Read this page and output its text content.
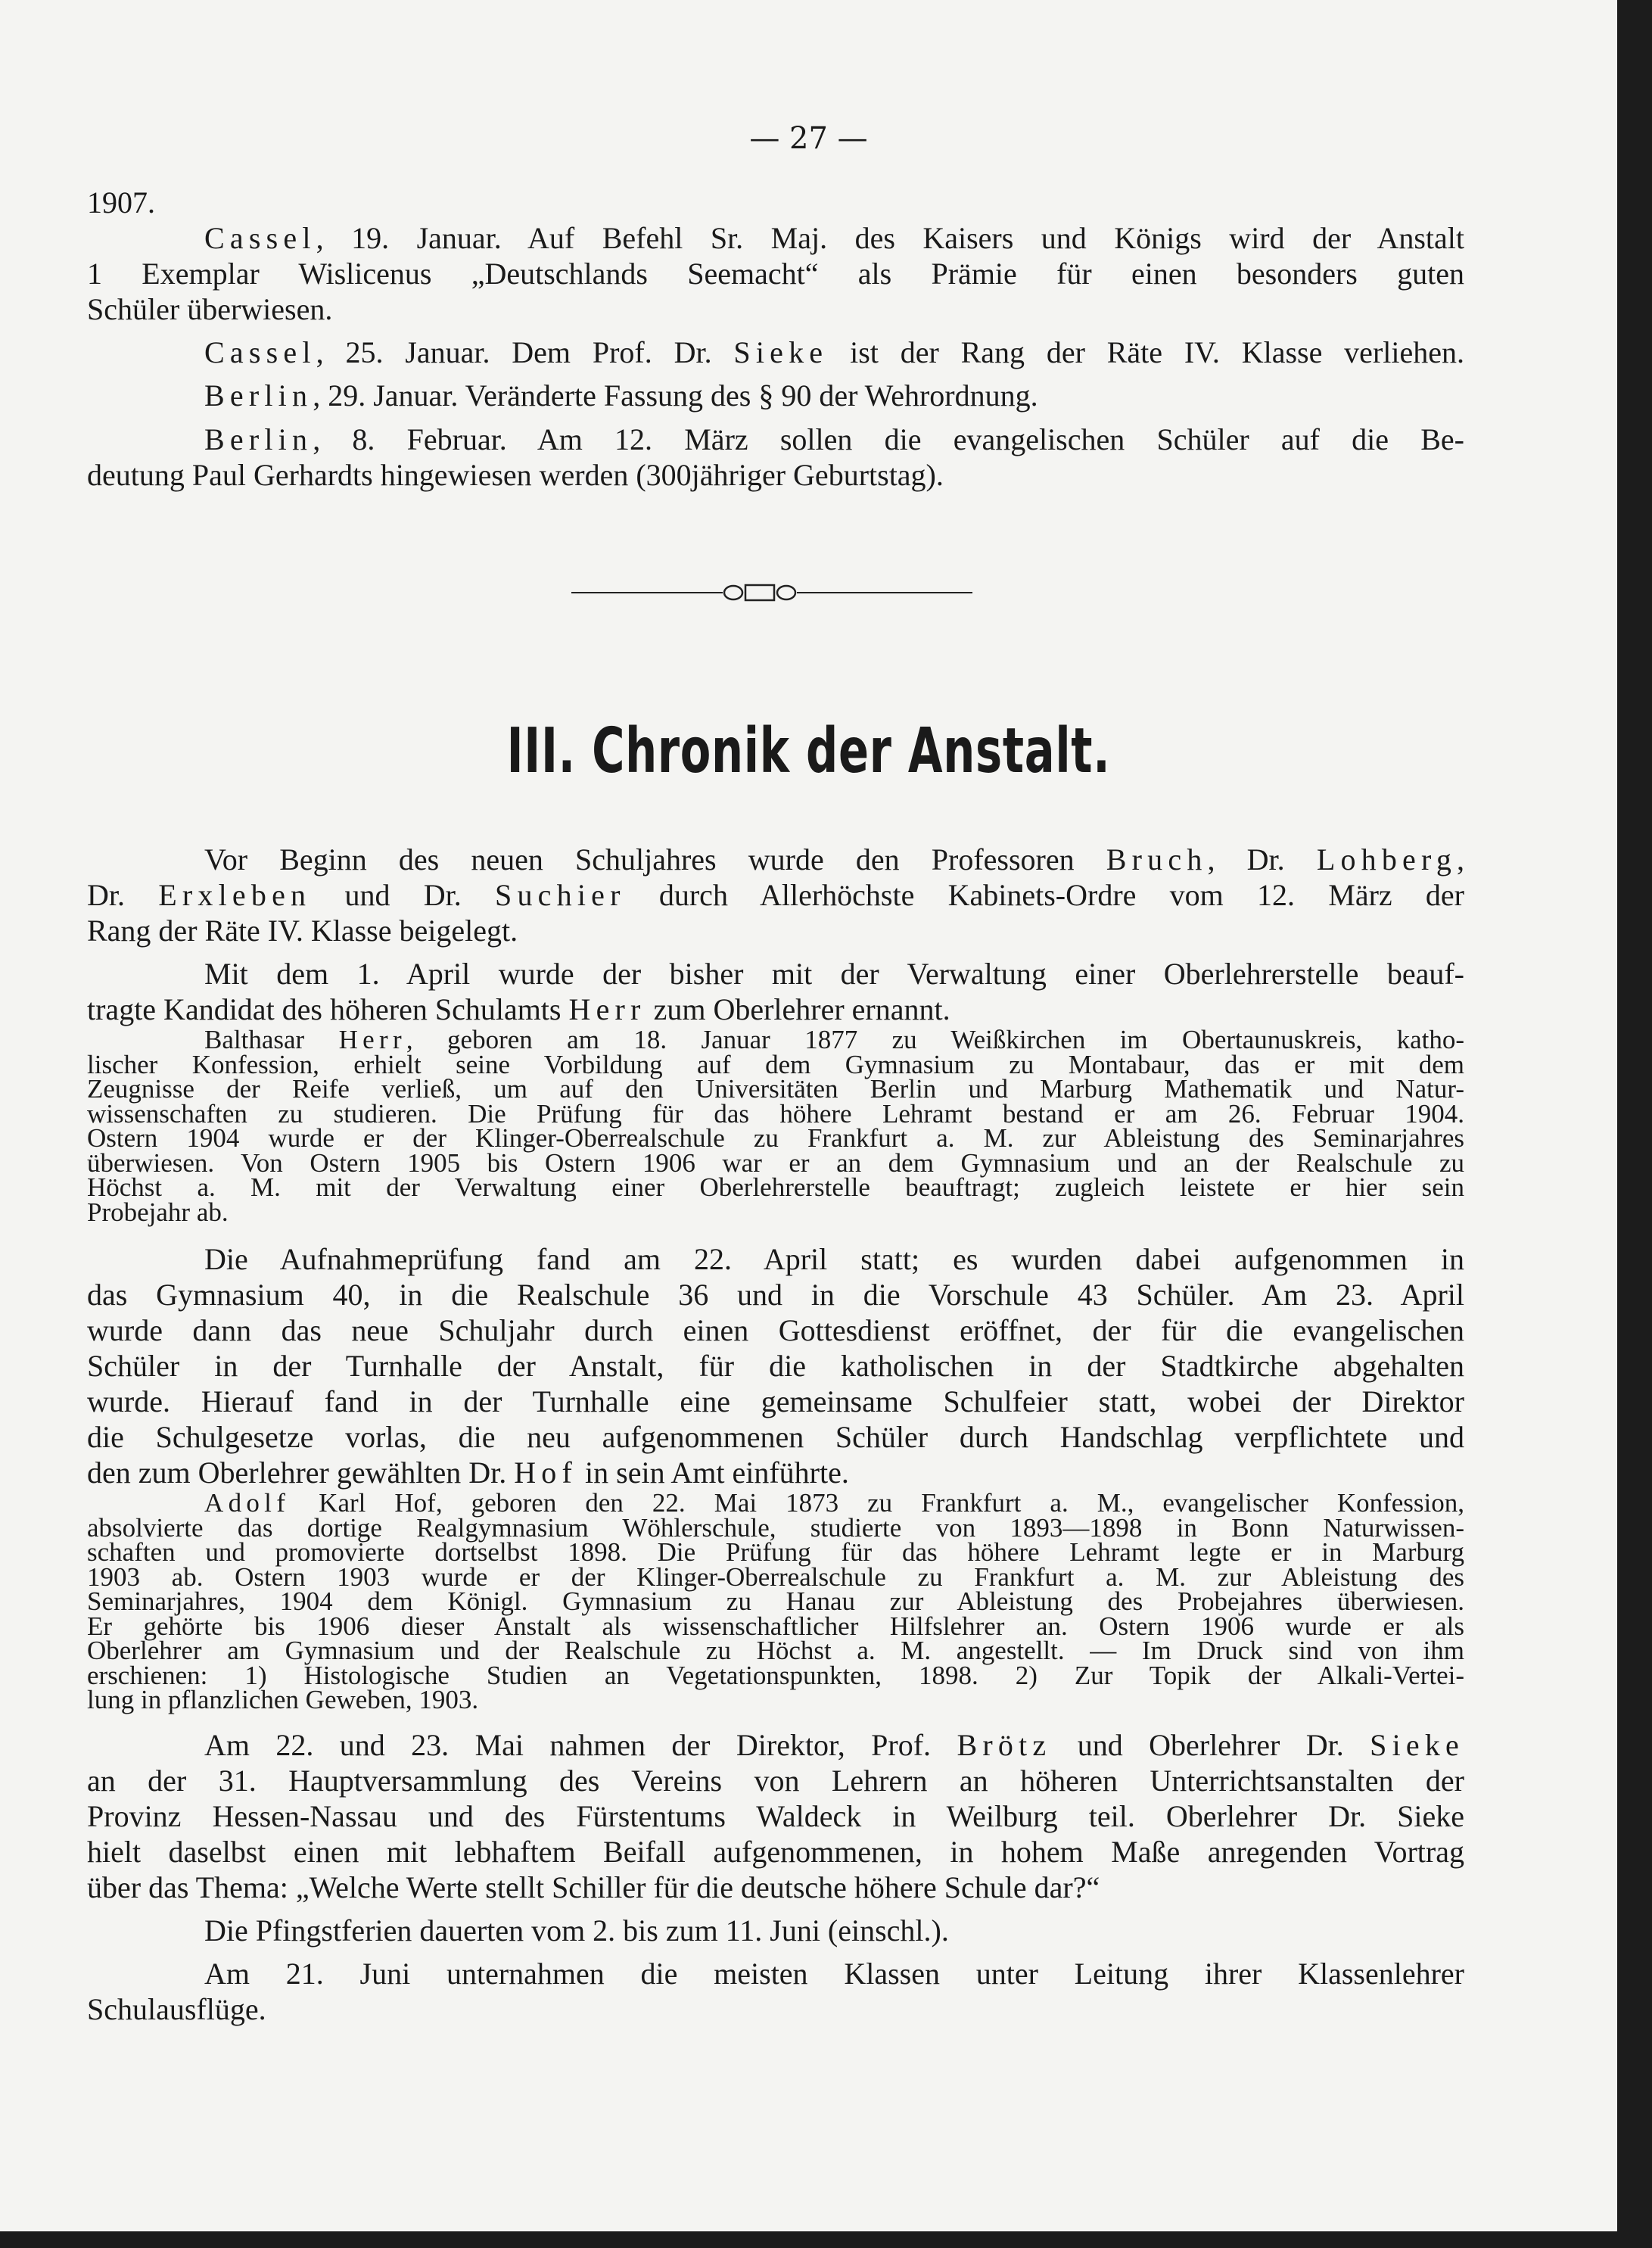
— 27 —
1907.
Cassel, 19. Januar. Auf Befehl Sr. Maj. des Kaisers und Königs wird der Anstalt
1 Exemplar Wislicenus „Deutschlands Seemacht“ als Prämie für einen besonders guten
Schüler überwiesen.
Cassel, 25. Januar. Dem Prof. Dr. Sieke ist der Rang der Räte IV. Klasse verliehen.
Berlin, 29. Januar. Veränderte Fassung des § 90 der Wehrordnung.
Berlin, 8. Februar. Am 12. März sollen die evangelischen Schüler auf die Be-
deutung Paul Gerhardts hingewiesen werden (300jähriger Geburtstag).
III. Chronik der Anstalt.
Vor Beginn des neuen Schuljahres wurde den Professoren Bruch, Dr. Lohberg,
Dr. Erxleben und Dr. Suchier durch Allerhöchste Kabinets-Ordre vom 12. März der
Rang der Räte IV. Klasse beigelegt.
Mit dem 1. April wurde der bisher mit der Verwaltung einer Oberlehrerstelle beauf-
tragte Kandidat des höheren Schulamts Herr zum Oberlehrer ernannt.
Balthasar Herr, geboren am 18. Januar 1877 zu Weißkirchen im Obertaunuskreis, katho-
lischer Konfession, erhielt seine Vorbildung auf dem Gymnasium zu Montabaur, das er mit dem
Zeugnisse der Reife verließ, um auf den Universitäten Berlin und Marburg Mathematik und Natur-
wissenschaften zu studieren. Die Prüfung für das höhere Lehramt bestand er am 26. Februar 1904.
Ostern 1904 wurde er der Klinger-Oberrealschule zu Frankfurt a. M. zur Ableistung des Seminarjahres
überwiesen. Von Ostern 1905 bis Ostern 1906 war er an dem Gymnasium und an der Realschule zu
Höchst a. M. mit der Verwaltung einer Oberlehrerstelle beauftragt; zugleich leistete er hier sein
Probejahr ab.
Die Aufnahmeprüfung fand am 22. April statt; es wurden dabei aufgenommen in
das Gymnasium 40, in die Realschule 36 und in die Vorschule 43 Schüler. Am 23. April
wurde dann das neue Schuljahr durch einen Gottesdienst eröffnet, der für die evangelischen
Schüler in der Turnhalle der Anstalt, für die katholischen in der Stadtkirche abgehalten
wurde. Hierauf fand in der Turnhalle eine gemeinsame Schulfeier statt, wobei der Direktor
die Schulgesetze vorlas, die neu aufgenommenen Schüler durch Handschlag verpflichtete und
den zum Oberlehrer gewählten Dr. Hof in sein Amt einführte.
Adolf Karl Hof, geboren den 22. Mai 1873 zu Frankfurt a. M., evangelischer Konfession,
absolvierte das dortige Realgymnasium Wöhlerschule, studierte von 1893—1898 in Bonn Naturwissen-
schaften und promovierte dortselbst 1898. Die Prüfung für das höhere Lehramt legte er in Marburg
1903 ab. Ostern 1903 wurde er der Klinger-Oberrealschule zu Frankfurt a. M. zur Ableistung des
Seminarjahres, 1904 dem Königl. Gymnasium zu Hanau zur Ableistung des Probejahres überwiesen.
Er gehörte bis 1906 dieser Anstalt als wissenschaftlicher Hilfslehrer an. Ostern 1906 wurde er als
Oberlehrer am Gymnasium und der Realschule zu Höchst a. M. angestellt. — Im Druck sind von ihm
erschienen: 1) Histologische Studien an Vegetationspunkten, 1898. 2) Zur Topik der Alkali-Vertei-
lung in pflanzlichen Geweben, 1903.
Am 22. und 23. Mai nahmen der Direktor, Prof. Brötz und Oberlehrer Dr. Sieke
an der 31. Hauptversammlung des Vereins von Lehrern an höheren Unterrichtsanstalten der
Provinz Hessen-Nassau und des Fürstentums Waldeck in Weilburg teil. Oberlehrer Dr. Sieke
hielt daselbst einen mit lebhaftem Beifall aufgenommenen, in hohem Maße anregenden Vortrag
über das Thema: „Welche Werte stellt Schiller für die deutsche höhere Schule dar?“
Die Pfingstferien dauerten vom 2. bis zum 11. Juni (einschl.).
Am 21. Juni unternahmen die meisten Klassen unter Leitung ihrer Klassenlehrer
Schulausflüge.
